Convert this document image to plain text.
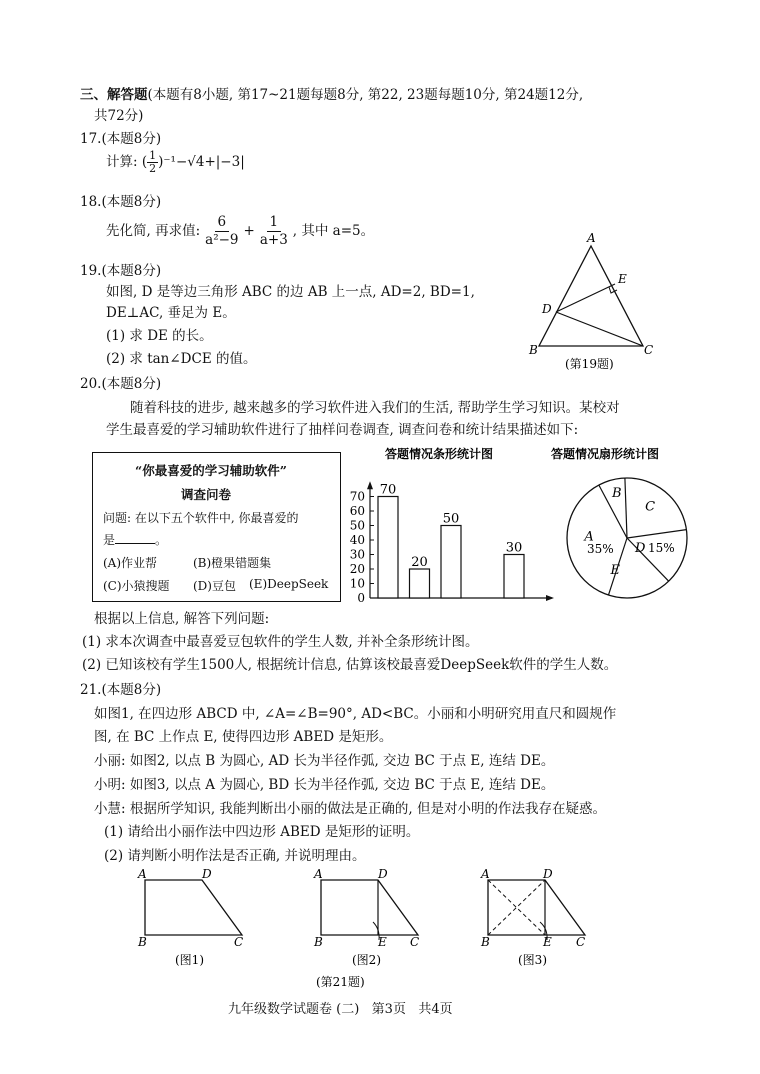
三、解答题(本题有8小题, 第17~21题每题8分, 第22, 23题每题10分, 第24题12分,
共72分)
17.(本题8分)
计算: ( $\frac{1}{2} )^{-1}-√4+|-3|$
18.(本题8分)
先化简, 再求值: $\frac{6}{\text{a²−9}} + \frac{1}{a+3}$ , 其中 a=5。
19.(本题8分)
如图, D 是等边三角形 ABC 的边 AB 上一点, AD=2, BD=1,
DE⊥AC, 垂足为 E。
(1) 求 DE 的长。
(2) 求 tan∠DCE 的值。
A
B	C
D
E
(第19题)
20.(本题8分)
随着科技的进步, 越来越多的学习软件进入我们的生活, 帮助学生学习知识。某校对
学生最喜爱的学习辅助软件进行了抽样问卷调查, 调查问卷和统计结果描述如下:
“你最喜爱的学习辅助软件”
调查问卷
问题: 在以下五个软件中, 你最喜爱的
是	。
(A)作业帮	(B)橙果错题集
(C)小猿搜题 (D)豆包 (E)DeepSeek
答题情况条形统计图
0
10
20
30
40
50
60
70 70
20
50
30
答题情况扇形统计图
B
C
E
A
35% D 15%
根据以上信息, 解答下列问题:
(1) 求本次调查中最喜爱豆包软件的学生人数, 并补全条形统计图。
(2) 已知该校有学生1500人, 根据统计信息, 估算该校最喜爱DeepSeek软件的学生人数。
21.(本题8分)
如图1, 在四边形 ABCD 中, ∠A=∠B=90°, AD<BC。小丽和小明研究用直尺和圆规作
图, 在 BC 上作点 E, 使得四边形 ABED 是矩形。
小丽: 如图2, 以点 B 为圆心, AD 长为半径作弧, 交边 BC 于点 E, 连结 DE。
小明: 如图3, 以点 A 为圆心, BD 长为半径作弧, 交边 BC 于点 E, 连结 DE。
小慧: 根据所学知识, 我能判断出小丽的做法是正确的, 但是对小明的作法我存在疑惑。
(1) 请给出小丽作法中四边形 ABED 是矩形的证明。
(2) 请判断小明作法是否正确, 并说明理由。
A	D
B	C
(图1)
A	D
B	E C
(图2)
A	D
B	E C
(图3)
(第21题)
九年级数学试题卷 (二)   第3页   共4页
